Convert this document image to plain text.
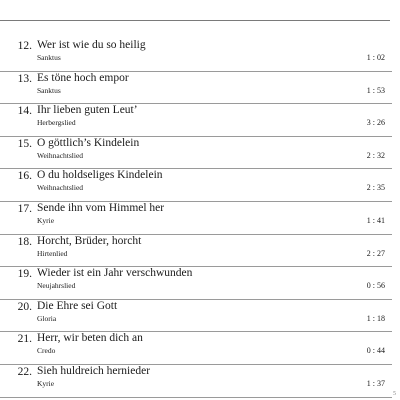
12. Wer ist wie du so heilig
Sanktus	1 : 02
13. Es töne hoch empor
Sanktus	1 : 53
14. Ihr lieben guten Leut’
Herbergslied	3 : 26
15. O göttlich’s Kindelein
Weihnachtslied	2 : 32
16. O du holdseliges Kindelein
Weihnachtslied	2 : 35
17. Sende ihn vom Himmel her
Kyrie	1 : 41
18. Horcht, Brüder, horcht
Hirtenlied	2 : 27
19. Wieder ist ein Jahr verschwunden
Neujahrslied	0 : 56
20. Die Ehre sei Gott
Gloria	1 : 18
21. Herr, wir beten dich an
Credo	0 : 44
22. Sieh huldreich hernieder
Kyrie	1 : 37
5
